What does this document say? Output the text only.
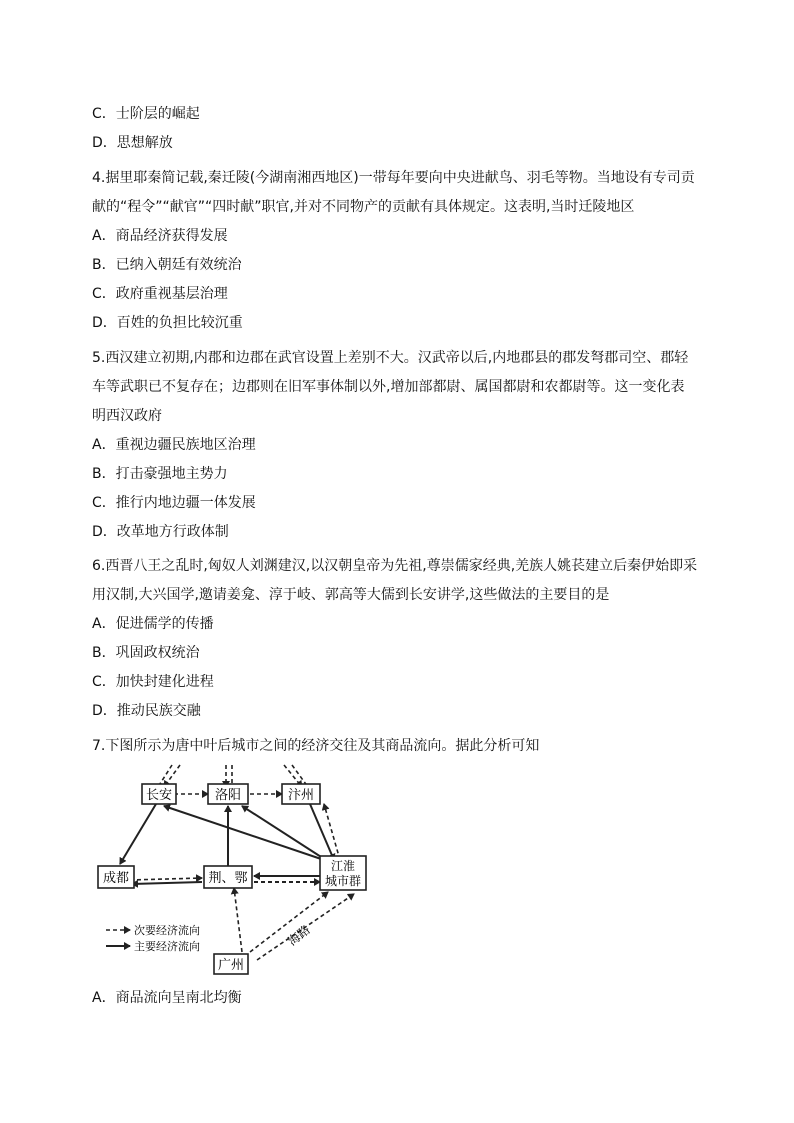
C．士阶层的崛起
D．思想解放
4.据里耶秦简记载,秦迁陵(今湖南湘西地区)一带每年要向中央进献鸟、羽毛等物。当地设有专司贡
献的“程令”“献官”“四时献”职官,并对不同物产的贡献有具体规定。这表明,当时迁陵地区
A．商品经济获得发展
B．已纳入朝廷有效统治
C．政府重视基层治理
D．百姓的负担比较沉重
5.西汉建立初期,内郡和边郡在武官设置上差别不大。汉武帝以后,内地郡县的郡发弩郡司空、郡轻
车等武职已不复存在；边郡则在旧军事体制以外,增加部都尉、属国都尉和农都尉等。这一变化表
明西汉政府
A．重视边疆民族地区治理
B．打击豪强地主势力
C．推行内地边疆一体发展
D．改革地方行政体制
6.西晋八王之乱时,匈奴人刘渊建汉,以汉朝皇帝为先祖,尊崇儒家经典,羌族人姚苌建立后秦伊始即采
用汉制,大兴国学,邀请姜龛、淳于岐、郭高等大儒到长安讲学,这些做法的主要目的是
A．促进儒学的传播
B．巩固政权统治
C．加快封建化进程
D．推动民族交融
7.下图所示为唐中叶后城市之间的经济交往及其商品流向。据此分析可知
长安	洛阳	汴州
成都	荆、鄂
江淮
城市群
广州
海路
次要经济流向
主要经济流向
A．商品流向呈南北均衡
